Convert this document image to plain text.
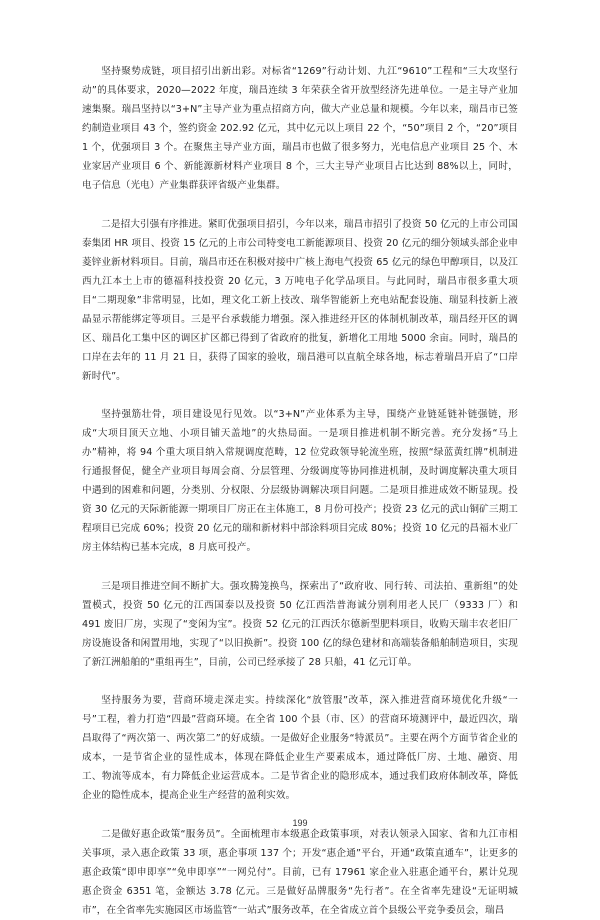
坚持聚势成链，项目招引出新出彩。对标省“1269”行动计划、九江“9610”工程和“三大攻坚行动”的具体要求，2020—2022 年度，瑞昌连续 3 年荣获全省开放型经济先进单位。一是主导产业加速集聚。瑞昌坚持以“3+N”主导产业为重点招商方向，做大产业总量和规模。今年以来，瑞昌市已签约制造业项目 43 个，签约资金 202.92 亿元，其中亿元以上项目 22 个，“50”项目 2 个，“20”项目 1 个，优强项目 3 个。在聚焦主导产业方面，瑞昌市也做了很多努力，光电信息产业项目 25 个、木业家居产业项目 6 个、新能源新材料产业项目 8 个，三大主导产业项目占比达到 88%以上，同时，电子信息（光电）产业集群获评省级产业集群。

二是招大引强有序推进。紧盯优强项目招引，今年以来，瑞昌市招引了投资 50 亿元的上市公司国泰集团 HR 项目、投资 15 亿元的上市公司特变电工新能源项目、投资 20 亿元的细分领域头部企业申菱锌业新材料项目。目前，瑞昌市还在积极对接中广核上海电气投资 65 亿元的绿色甲醇项目，以及江西九江本土上市的德福科技投资 20 亿元，3 万吨电子化学品项目。与此同时，瑞昌市很多重大项目“二期现象”非常明显，比如，理文化工新上技改、瑞华智能新上充电站配套设施、瑞显科技新上液晶显示帮能绑定等项目。三是平台承载能力增强。深入推进经开区的体制机制改革，瑞昌经开区的调区、瑞昌化工集中区的调区扩区都已得到了省政府的批复，新增化工用地 5000 余亩。同时，瑞昌的口岸在去年的 11 月 21 日，获得了国家的验收，瑞昌港可以直航全球各地，标志着瑞昌开启了“口岸新时代”。

坚持强筋壮骨，项目建设见行见效。以“3+N”产业体系为主导，围绕产业链延链补链强链，形成“大项目顶天立地、小项目铺天盖地”的火热局面。一是项目推进机制不断完善。充分发扬“马上办”精神，将 94 个重大项目纳入常规调度范畴，12 位党政领导轮流坐班，按照“绿蓝黄红牌”机制进行通报督促，健全产业项目每周会商、分层管理、分级调度等协同推进机制，及时调度解决重大项目中遇到的困难和问题，分类别、分权限、分层级协调解决项目问题。二是项目推进成效不断显现。投资 30 亿元的天际新能源一期项目厂房正在主体施工，8 月份可投产；投资 23 亿元的武山铜矿三期工程项目已完成 60%；投资 20 亿元的瑞和新材料中部涂料项目完成 80%；投资 10 亿元的昌福木业厂房主体结构已基本完成，8 月底可投产。

三是项目推进空间不断扩大。强攻腾笼换鸟，探索出了“政府收、同行转、司法拍、重新组”的处置模式，投资 50 亿元的江西国泰以及投资 50 亿江西浩普海诚分别利用老人民厂（9333 厂）和 491 废旧厂房，实现了“变闲为宝”。投资 52 亿元的江西沃尔德新型肥料项目，收购天瑞丰农老旧厂房设施设备和闲置用地，实现了“以旧换新”。投资 100 亿的绿色建材和高端装备船舶制造项目，实现了新江洲船舶的“重组再生”，目前，公司已经承接了 28 只船，41 亿元订单。

坚持服务为要，营商环境走深走实。持续深化“放管服”改革，深入推进营商环境优化升级“一号”工程，着力打造“四最”营商环境。在全省 100 个县（市、区）的营商环境测评中，最近四次，瑞昌取得了“两次第一、两次第二”的好成绩。一是做好企业服务“特派员”。主要在两个方面节省企业的成本，一是节省企业的显性成本，体现在降低企业生产要素成本，通过降低厂房、土地、融资、用工、物流等成本，有力降低企业运营成本。二是节省企业的隐形成本，通过我们政府体制改革，降低企业的隐性成本，提高企业生产经营的盈利实效。

二是做好惠企政策“服务员”。全面梳理市本级惠企政策事项，对表认领录入国家、省和九江市相关事项，录入惠企政策 33 项，惠企事项 137 个；开发“惠企通”平台，开通“政策直通车”，让更多的惠企政策“即申即享”“免申即享”“一网兑付”。目前，已有 17961 家企业入驻惠企通平台，累计兑现惠企资金 6351 笔，金额达 3.78 亿元。三是做好品牌服务“先行者”。在全省率先建设“无证明城市”，在全省率先实施园区市场监管“一站式”服务改革，在全省成立首个县级公平竞争委员会，瑞昌

199
